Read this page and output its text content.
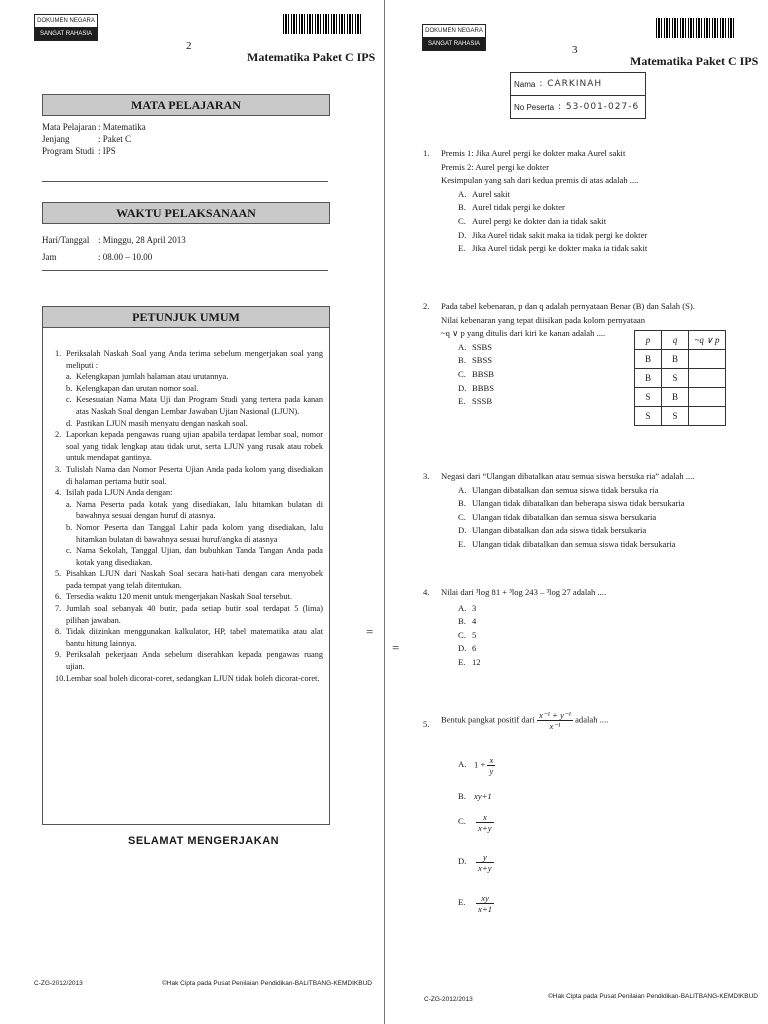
DOKUMEN NEGARA
SANGAT RAHASIA
2
Matematika Paket C IPS
MATA PELAJARAN
Mata Pelajaran : Matematika
Jenjang	: Paket C
Program Studi : IPS
WAKTU PELAKSANAAN
Hari/Tanggal : Minggu, 28 April 2013
Jam	: 08.00 – 10.00
PETUNJUK UMUM
1. Periksalah Naskah Soal yang Anda terima sebelum mengerjakan soal yang meliputi :
a. Kelengkapan jumlah halaman atau urutannya.
b. Kelengkapan dan urutan nomor soal.
c. Kesesuaian Nama Mata Uji dan Program Studi yang tertera pada kanan atas Naskah Soal dengan Lembar Jawaban Ujian Nasional (LJUN).
d. Pastikan LJUN masih menyatu dengan naskah soal.
2. Laporkan kepada pengawas ruang ujian apabila terdapat lembar soal, nomor soal yang tidak lengkap atau tidak urut, serta LJUN yang rusak atau robek untuk mendapat gantinya.
3. Tulislah Nama dan Nomor Peserta Ujian Anda pada kolom yang disediakan di halaman pertama butir soal.
4. Isilah pada LJUN Anda dengan:
a. Nama Peserta pada kotak yang disediakan, lalu hitamkan bulatan di bawahnya sesuai dengan huruf di atasnya.
b. Nomor Peserta dan Tanggal Lahir pada kolom yang disediakan, lalu hitamkan bulatan di bawahnya sesuai huruf/angka di atasnya
c. Nama Sekolah, Tanggal Ujian, dan bubuhkan Tanda Tangan Anda pada kotak yang disediakan.
5. Pisahkan LJUN dari Naskah Soal secara hati-hati dengan cara menyobek pada tempat yang telah ditentukan.
6. Tersedia waktu 120 menit untuk mengerjakan Naskah Soal tersebut.
7. Jumlah soal sebanyak 40 butir, pada setiap butir soal terdapat 5 (lima) pilihan jawaban.
8. Tidak diizinkan menggunakan kalkulator, HP, tabel matematika atau alat bantu hitung lainnya.
9. Periksalah pekerjaan Anda sebelum diserahkan kepada pengawas ruang ujian.
10. Lembar soal boleh dicorat-coret, sedangkan LJUN tidak boleh dicorat-coret.
SELAMAT MENGERJAKAN
C-ZG-2012/2013	©Hak Cipta pada Pusat Penilaian Pendidikan-BALITBANG-KEMDIKBUD
=
=
DOKUMEN NEGARA
SANGAT RAHASIA	3
Matematika Paket C IPS
Nama : CARKINAH
No Peserta : 53-001-027-6
1. Premis 1: Jika Aurel pergi ke dokter maka Aurel sakit
Premis 2: Aurel pergi ke dokter
Kesimpulan yang sah dari kedua premis di atas adalah ....
A. Aurel sakit
B. Aurel tidak pergi ke dokter
C. Aurel pergi ke dokter dan ia tidak sakit
D. Jika Aurel tidak sakit maka ia tidak pergi ke dokter
E. Jika Aurel tidak pergi ke dokter maka ia tidak sakit
2. Pada tabel kebenaran, p dan q adalah pernyataan Benar (B) dan Salah (S).
Nilai kebenaran yang tepat diisikan pada kolom pernyataan
~q ∨ p yang ditulis dari kiri ke kanan adalah ....
A. SSBS
B. SBSS
C. BBSB
D. BBBS
E. SSSB
p	q	~q ∨ p
B	B	
B	S	
S	B	
S	S	
3. Negasi dari “Ulangan dibatalkan atau semua siswa bersuka ria” adalah ....
A. Ulangan dibatalkan dan semua siswa tidak bersuka ria
B. Ulangan tidak dibatalkan dan beberapa siswa tidak bersukaria
C. Ulangan tidak dibatalkan dan semua siswa bersukaria
D. Ulangan dibatalkan dan ada siswa tidak bersukaria
E. Ulangan tidak dibatalkan dan semua siswa tidak bersukaria
4. Nilai dari ³log 81 + ³log 243 – ³log 27 adalah ....
A. 3
B. 4
C. 5
D. 6
E. 12
5. Bentuk pangkat positif dari $\frac{\text{x⁻¹ + y⁻¹}}{\text{x⁻¹}}$ adalah ....
A. $1 + \frac{x}{y}$
B. xy+1
C. $\frac{x}{x+y}$
D. $\frac{y}{x+y}$
E. $\frac{xy}{x+1}$
C-ZG-2012/2013	©Hak Cipta pada Pusat Penilaian Pendidikan-BALITBANG-KEMDIKBUD
